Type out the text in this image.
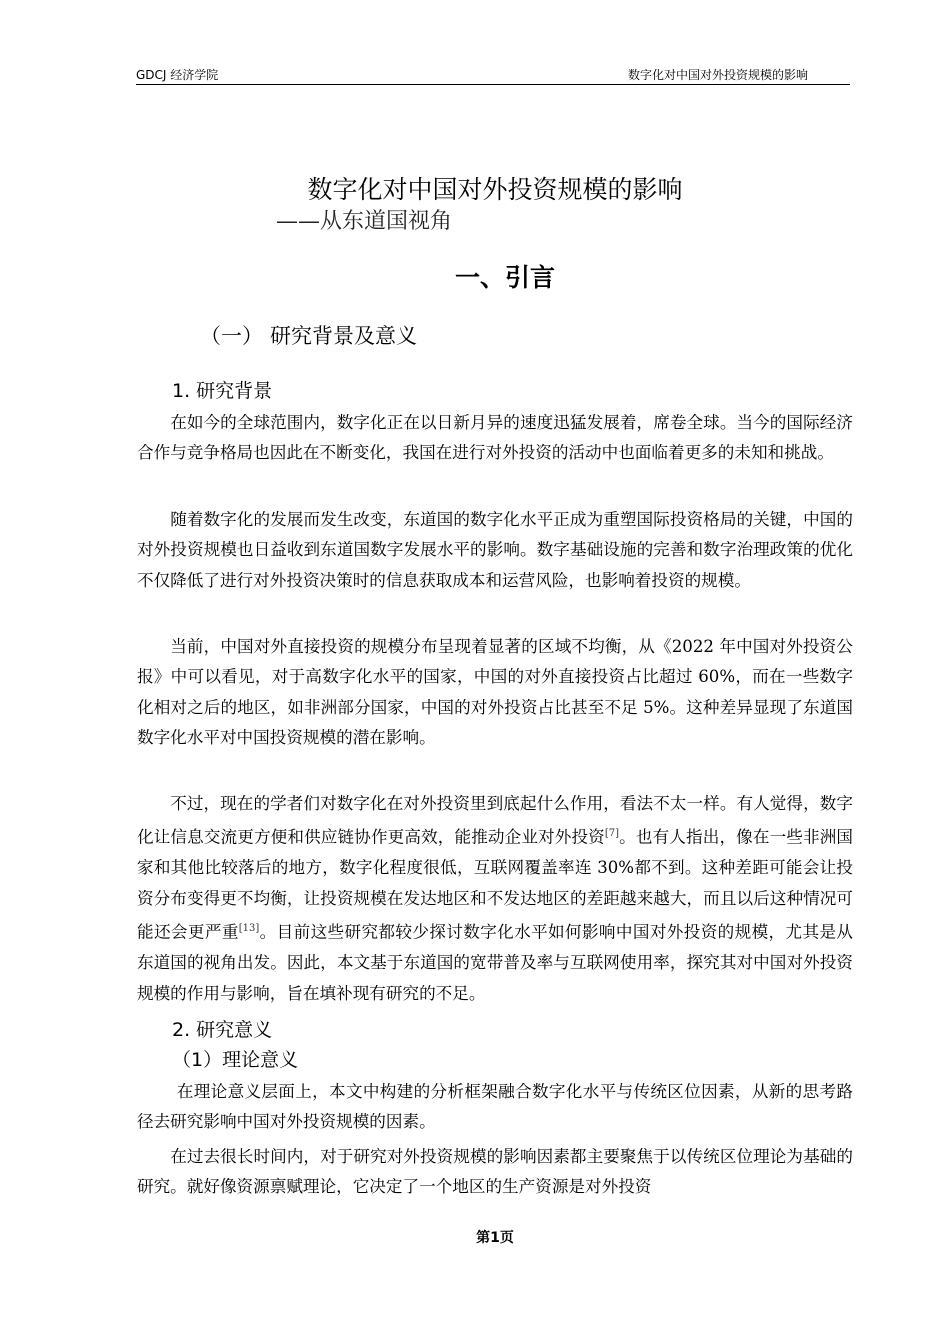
GDCJ 经济学院	数字化对中国对外投资规模的影响
数字化对中国对外投资规模的影响
——从东道国视角
一、引言
（一） 研究背景及意义
1. 研究背景

在如今的全球范围内，数字化正在以日新月异的速度迅猛发展着，席卷全球。当今的国际经济合作与竞争格局也因此在不断变化，我国在进行对外投资的活动中也面临着更多的未知和挑战。

随着数字化的发展而发生改变，东道国的数字化水平正成为重塑国际投资格局的关键，中国的对外投资规模也日益收到东道国数字发展水平的影响。数字基础设施的完善和数字治理政策的优化不仅降低了进行对外投资决策时的信息获取成本和运营风险，也影响着投资的规模。

当前，中国对外直接投资的规模分布呈现着显著的区域不均衡，从《2022 年中国对外投资公报》中可以看见，对于高数字化水平的国家，中国的对外直接投资占比超过 60%，而在一些数字化相对之后的地区，如非洲部分国家，中国的对外投资占比甚至不足 5%。这种差异显现了东道国数字化水平对中国投资规模的潜在影响。

不过，现在的学者们对数字化在对外投资里到底起什么作用，看法不太一样。有人觉得，数字化让信息交流更方便和供应链协作更高效，能推动企业对外投资[7]。也有人指出，像在一些非洲国家和其他比较落后的地方，数字化程度很低，互联网覆盖率连 30%都不到。这种差距可能会让投资分布变得更不均衡，让投资规模在发达地区和不发达地区的差距越来越大，而且以后这种情况可能还会更严重[13]。目前这些研究都较少探讨数字化水平如何影响中国对外投资的规模，尤其是从东道国的视角出发。因此，本文基于东道国的宽带普及率与互联网使用率，探究其对中国对外投资规模的作用与影响，旨在填补现有研究的不足。

2. 研究意义
（1）理论意义

在理论意义层面上，本文中构建的分析框架融合数字化水平与传统区位因素，从新的思考路径去研究影响中国对外投资规模的因素。

在过去很长时间内，对于研究对外投资规模的影响因素都主要聚焦于以传统区位理论为基础的研究。就好像资源禀赋理论，它决定了一个地区的生产资源是对外投资

第1页
